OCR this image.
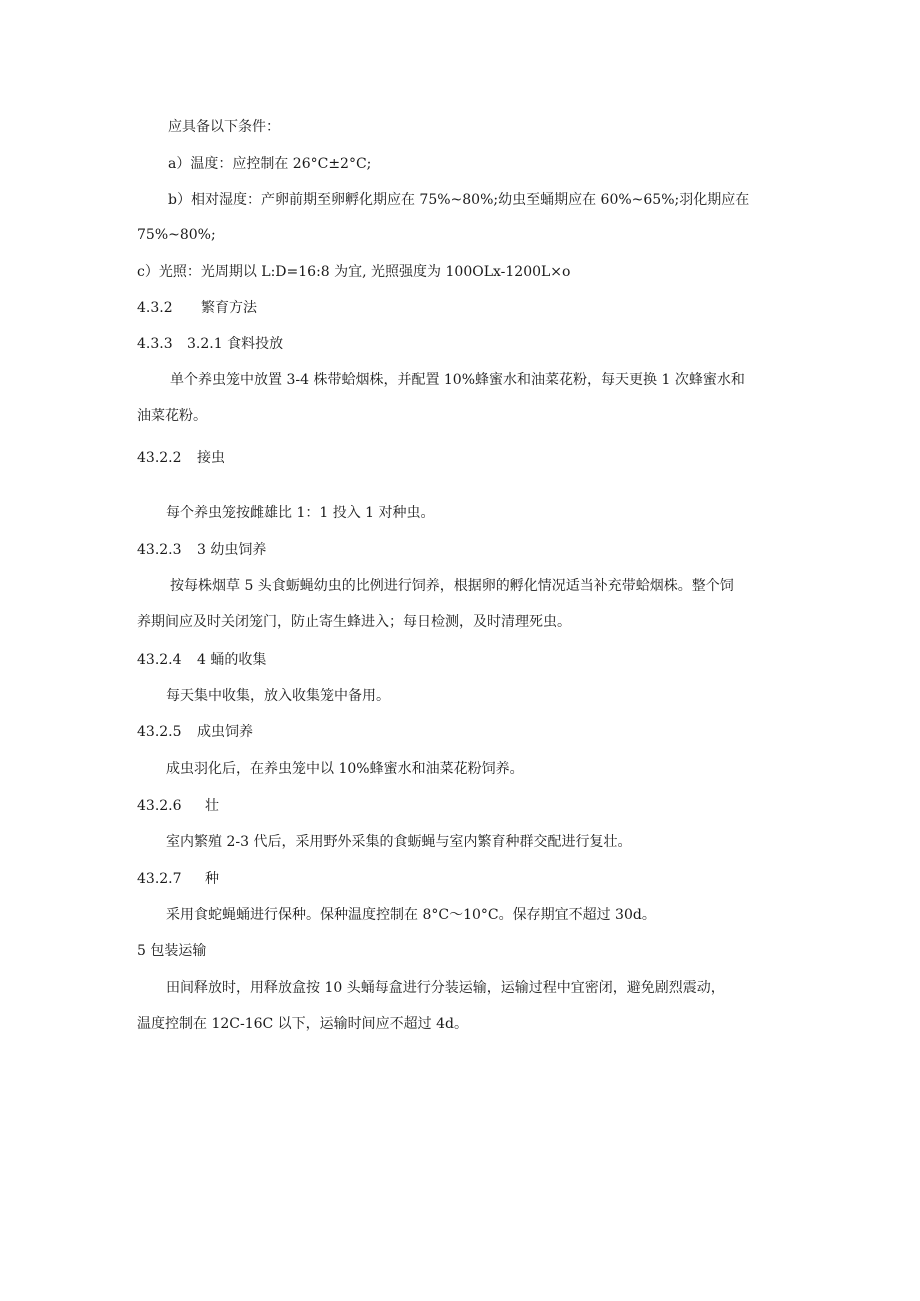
应具备以下条件：
a）温度：应控制在 26°C±2°C;
b）相对湿度：产卵前期至卵孵化期应在 75%~80%;幼虫至蛹期应在 60%~65%;羽化期应在
75%~80%;
c）光照：光周期以 L:D=16:8 为宜, 光照强度为 100OLx-1200L×o
4.3.2 繁育方法
4.3.3 3.2.1 食料投放
单个养虫笼中放置 3-4 株带蛤烟株，并配置 10%蜂蜜水和油菜花粉，每天更换 1 次蜂蜜水和
油菜花粉。
43.2.2 接虫
每个养虫笼按雌雄比 1：1 投入 1 对种虫。
43.2.3 3 幼虫饲养
按每株烟草 5 头食蛎蝇幼虫的比例进行饲养，根据卵的孵化情况适当补充带蛤烟株。整个饲
养期间应及时关闭笼门，防止寄生蜂进入；每日检测，及时清理死虫。
43.2.4 4 蛹的收集
每天集中收集，放入收集笼中备用。
43.2.5 成虫饲养
成虫羽化后，在养虫笼中以 10%蜂蜜水和油菜花粉饲养。
43.2.6 壮
室内繁殖 2-3 代后，采用野外采集的食蛎蝇与室内繁育种群交配进行复壮。
43.2.7 种
采用食蛇蝇蛹进行保种。保种温度控制在 8°C～10°C。保存期宜不超过 30d。
5 包装运输
田间释放时，用释放盒按 10 头蛹每盒进行分装运输，运输过程中宜密闭，避免剧烈震动，
温度控制在 12C-16C 以下，运输时间应不超过 4d。
